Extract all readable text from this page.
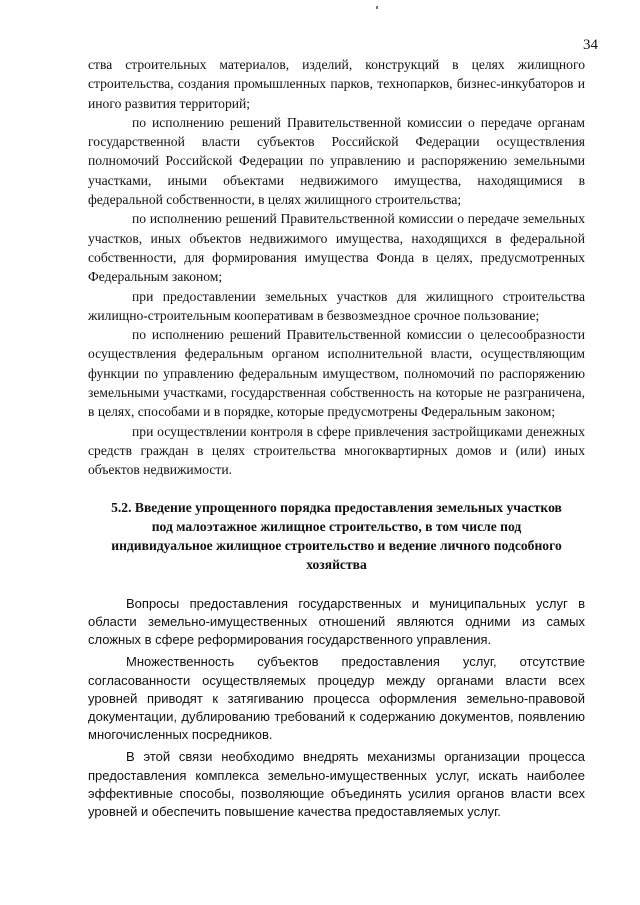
34

ства строительных материалов, изделий, конструкций в целях жилищного строительства, создания промышленных парков, технопарков, бизнес-инкубаторов и иного развития территорий;

по исполнению решений Правительственной комиссии о передаче органам государственной власти субъектов Российской Федерации осуществления полномочий Российской Федерации по управлению и распоряжению земельными участками, иными объектами недвижимого имущества, находящимися в федеральной собственности, в целях жилищного строительства;

по исполнению решений Правительственной комиссии о передаче земельных участков, иных объектов недвижимого имущества, находящихся в федеральной собственности, для формирования имущества Фонда в целях, предусмотренных Федеральным законом;

при предоставлении земельных участков для жилищного строительства жилищно-строительным кооперативам в безвозмездное срочное пользование;

по исполнению решений Правительственной комиссии о целесообразности осуществления федеральным органом исполнительной власти, осуществляющим функции по управлению федеральным имуществом, полномочий по распоряжению земельными участками, государственная собственность на которые не разграничена, в целях, способами и в порядке, которые предусмотрены Федеральным законом;

при осуществлении контроля в сфере привлечения застройщиками денежных средств граждан в целях строительства многоквартирных домов и (или) иных объектов недвижимости.

5.2. Введение упрощенного порядка предоставления земельных участков под малоэтажное жилищное строительство, в том числе под индивидуальное жилищное строительство и ведение личного подсобного хозяйства

Вопросы предоставления государственных и муниципальных услуг в области земельно-имущественных отношений являются одними из самых сложных в сфере реформирования государственного управления.

Множественность субъектов предоставления услуг, отсутствие согласованности осуществляемых процедур между органами власти всех уровней приводят к затягиванию процесса оформления земельно-правовой документации, дублированию требований к содержанию документов, появлению многочисленных посредников.

В этой связи необходимо внедрять механизмы организации процесса предоставления комплекса земельно-имущественных услуг, искать наиболее эффективные способы, позволяющие объединять усилия органов власти всех уровней и обеспечить повышение качества предоставляемых услуг.
